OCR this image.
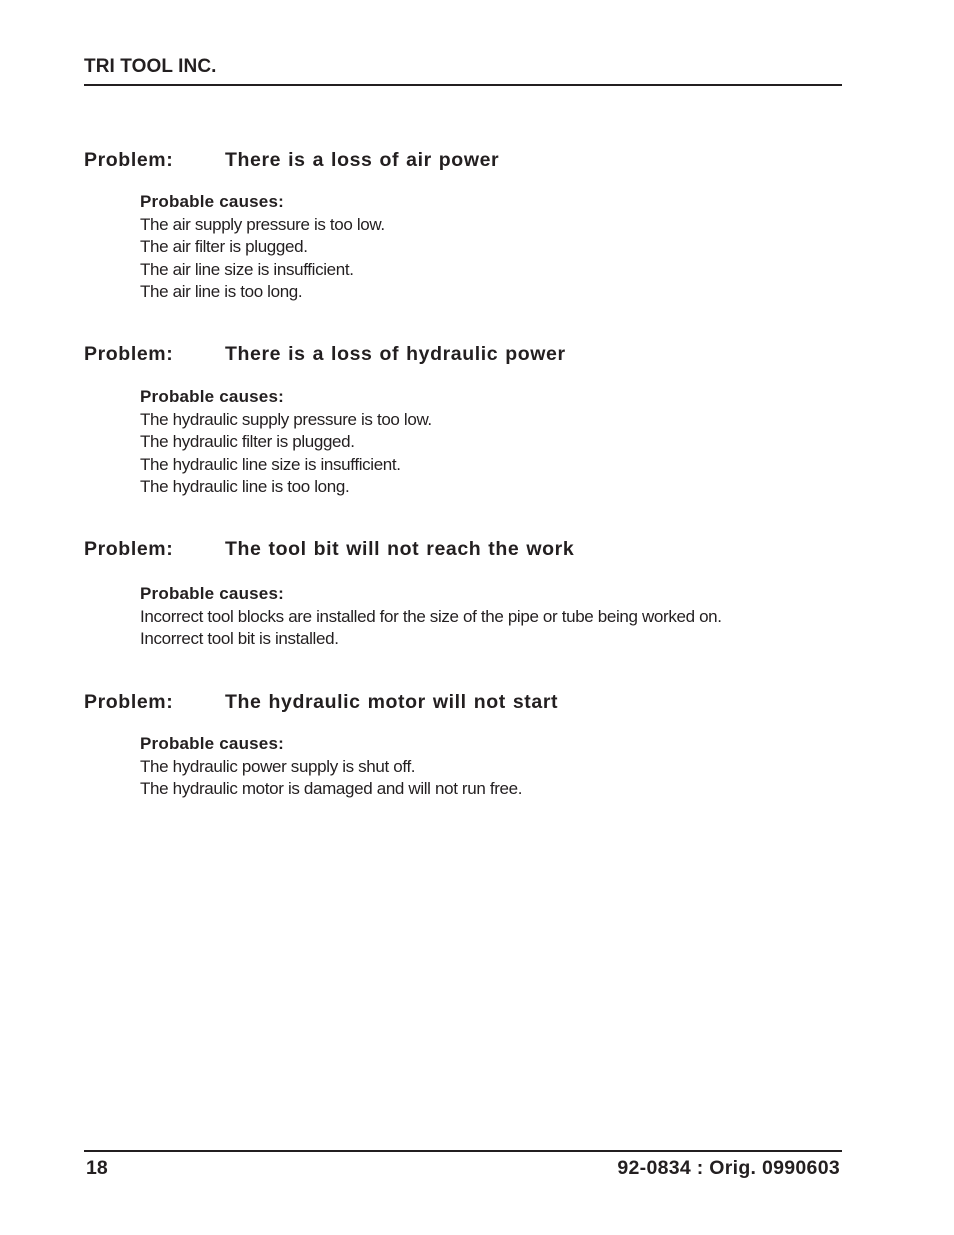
TRI TOOL INC.
Problem:	There is a loss of air power
Probable causes:
The air supply pressure is too low.
The air filter is plugged.
The air line size is insufficient.
The air line is too long.
Problem:	There is a loss of hydraulic power
Probable causes:
The hydraulic supply pressure is too low.
The hydraulic filter is plugged.
The hydraulic line size is insufficient.
The hydraulic line is too long.
Problem:	The tool bit will not reach the work
Probable causes:
Incorrect tool blocks are installed for the size of the pipe or tube being worked on.
Incorrect tool bit is installed.
Problem:	The hydraulic motor will not start
Probable causes:
The hydraulic power supply is shut off.
The hydraulic motor is damaged and will not run free.
18	92-0834 : Orig. 0990603
